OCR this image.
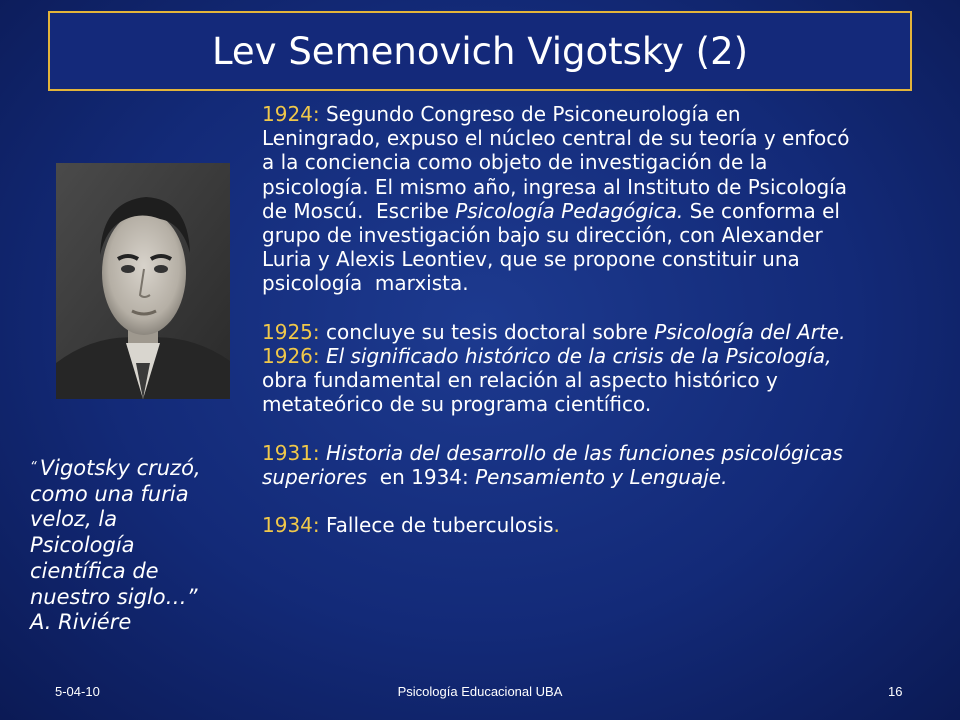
Lev Semenovich Vigotsky (2)
“ Vigotsky cruzó,
como una furia
veloz, la
Psicología
científica de
nuestro siglo…”
A. Riviére
1924: Segundo Congreso de Psiconeurología en
Leningrado, expuso el núcleo central de su teoría y enfocó
a la conciencia como objeto de investigación de la
psicología. El mismo año, ingresa al Instituto de Psicología
de Moscú.  Escribe Psicología Pedagógica. Se conforma el
grupo de investigación bajo su dirección, con Alexander
Luria y Alexis Leontiev, que se propone constituir una
psicología  marxista.
1925: concluye su tesis doctoral sobre Psicología del Arte.
1926: El significado histórico de la crisis de la Psicología,
obra fundamental en relación al aspecto histórico y
metateórico de su programa científico.
1931: Historia del desarrollo de las funciones psicológicas
superiores  en 1934: Pensamiento y Lenguaje.
1934: Fallece de tuberculosis.
5-04-10	Psicología Educacional UBA	16
